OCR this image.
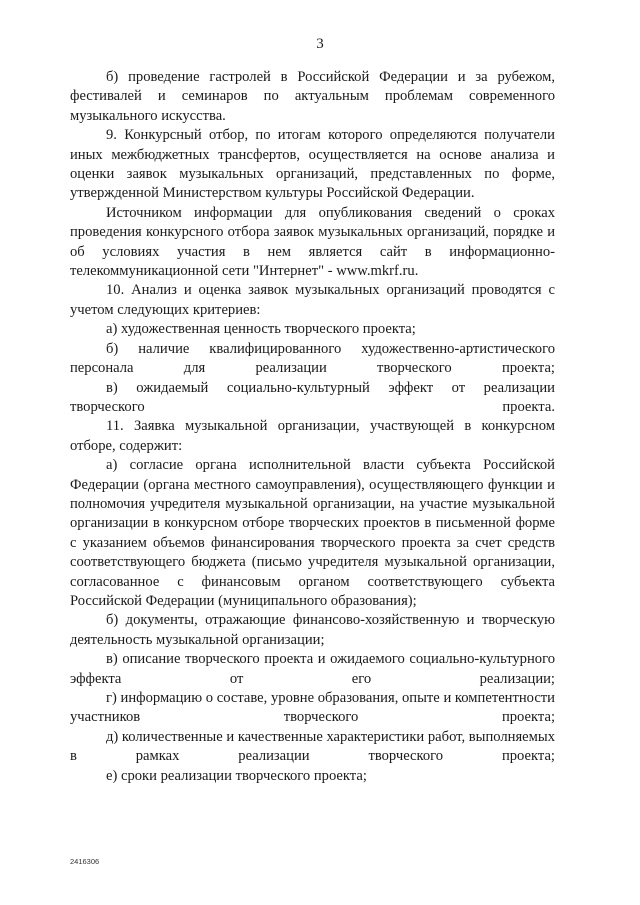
3

б) проведение гастролей в Российской Федерации и за рубежом, фестивалей и семинаров по актуальным проблемам современного музыкального искусства.

9. Конкурсный отбор, по итогам которого определяются получатели иных межбюджетных трансфертов, осуществляется на основе анализа и оценки заявок музыкальных организаций, представленных по форме, утвержденной Министерством культуры Российской Федерации.

Источником информации для опубликования сведений о сроках проведения конкурсного отбора заявок музыкальных организаций, порядке и об условиях участия в нем является сайт в информационно-телекоммуникационной сети "Интернет" - www.mkrf.ru.

10. Анализ и оценка заявок музыкальных организаций проводятся с учетом следующих критериев:

а) художественная ценность творческого проекта;

б) наличие квалифицированного художественно-артистического персонала для реализации творческого проекта;

в) ожидаемый социально-культурный эффект от реализации творческого проекта.

11. Заявка музыкальной организации, участвующей в конкурсном отборе, содержит:

а) согласие органа исполнительной власти субъекта Российской Федерации (органа местного самоуправления), осуществляющего функции и полномочия учредителя музыкальной организации, на участие музыкальной организации в конкурсном отборе творческих проектов в письменной форме с указанием объемов финансирования творческого проекта за счет средств соответствующего бюджета (письмо учредителя музыкальной организации, согласованное с финансовым органом соответствующего субъекта Российской Федерации (муниципального образования);

б) документы, отражающие финансово-хозяйственную и творческую деятельность музыкальной организации;

в) описание творческого проекта и ожидаемого социально-культурного эффекта от его реализации;

г) информацию о составе, уровне образования, опыте и компетентности участников творческого проекта;

д) количественные и качественные характеристики работ, выполняемых в рамках реализации творческого проекта;

е) сроки реализации творческого проекта;

2416306
